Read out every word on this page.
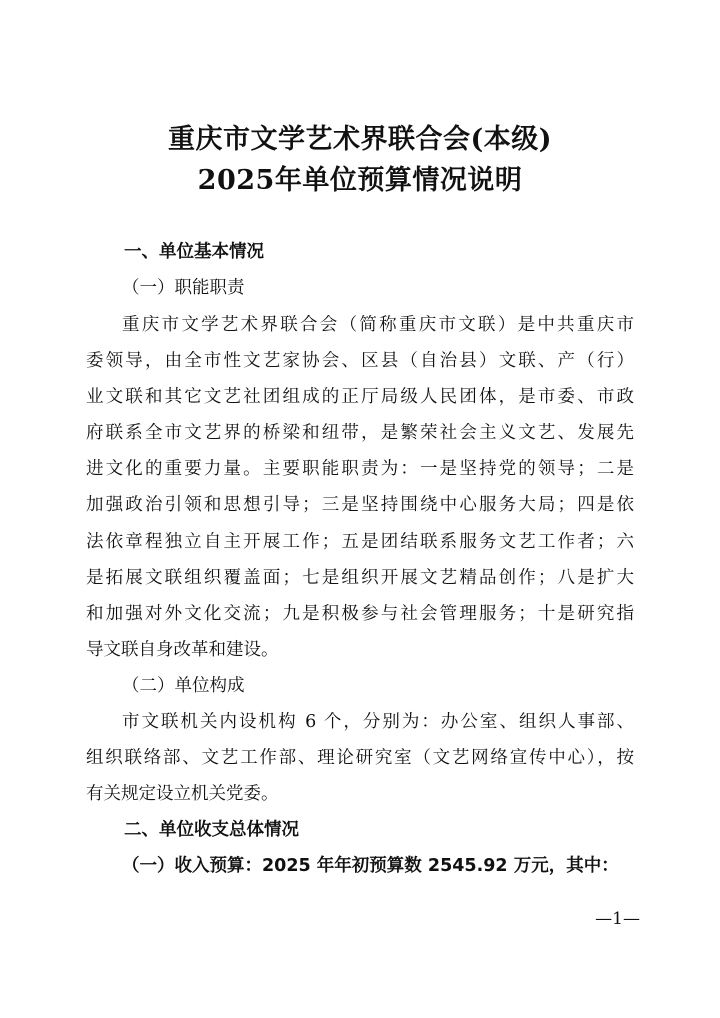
重庆市文学艺术界联合会(本级)
2025年单位预算情况说明
一、单位基本情况
（一）职能职责
重庆市文学艺术界联合会（简称重庆市文联）是中共重庆市
委领导，由全市性文艺家协会、区县（自治县）文联、产（行）
业文联和其它文艺社团组成的正厅局级人民团体，是市委、市政
府联系全市文艺界的桥梁和纽带，是繁荣社会主义文艺、发展先
进文化的重要力量。主要职能职责为：一是坚持党的领导；二是
加强政治引领和思想引导；三是坚持围绕中心服务大局；四是依
法依章程独立自主开展工作；五是团结联系服务文艺工作者；六
是拓展文联组织覆盖面；七是组织开展文艺精品创作；八是扩大
和加强对外文化交流；九是积极参与社会管理服务；十是研究指
导文联自身改革和建设。
（二）单位构成
市文联机关内设机构 6 个，分别为：办公室、组织人事部、
组织联络部、文艺工作部、理论研究室（文艺网络宣传中心），按
有关规定设立机关党委。
二、单位收支总体情况
（一）收入预算：2025 年年初预算数 2545.92 万元，其中：
—1—
